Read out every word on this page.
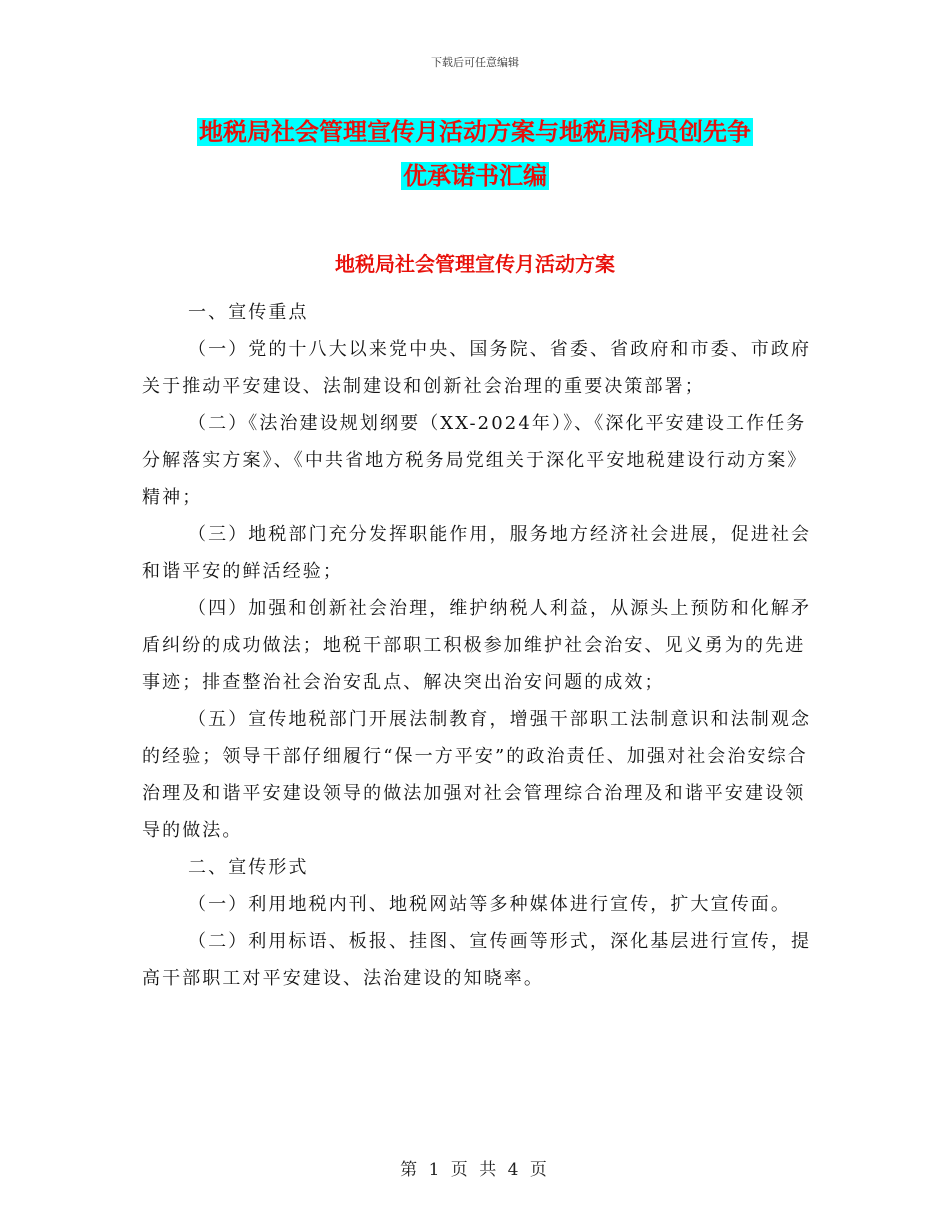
下载后可任意编辑
地税局社会管理宣传月活动方案与地税局科员创先争
优承诺书汇编
地税局社会管理宣传月活动方案

一、宣传重点

（一）党的十八大以来党中央、国务院、省委、省政府和市委、市政府关于推动平安建设、法制建设和创新社会治理的重要决策部署；

（二）《法治建设规划纲要（XX-2024年）》、《深化平安建设工作任务分解落实方案》、《中共省地方税务局党组关于深化平安地税建设行动方案》精神；

（三）地税部门充分发挥职能作用，服务地方经济社会进展，促进社会和谐平安的鲜活经验；

（四）加强和创新社会治理，维护纳税人利益，从源头上预防和化解矛盾纠纷的成功做法；地税干部职工积极参加维护社会治安、见义勇为的先进事迹；排查整治社会治安乱点、解决突出治安问题的成效；

（五）宣传地税部门开展法制教育，增强干部职工法制意识和法制观念的经验；领导干部仔细履行“保一方平安”的政治责任、加强对社会治安综合治理及和谐平安建设领导的做法加强对社会管理综合治理及和谐平安建设领导的做法。

二、宣传形式

（一）利用地税内刊、地税网站等多种媒体进行宣传，扩大宣传面。

（二）利用标语、板报、挂图、宣传画等形式，深化基层进行宣传，提高干部职工对平安建设、法治建设的知晓率。

第 1 页 共 4 页
